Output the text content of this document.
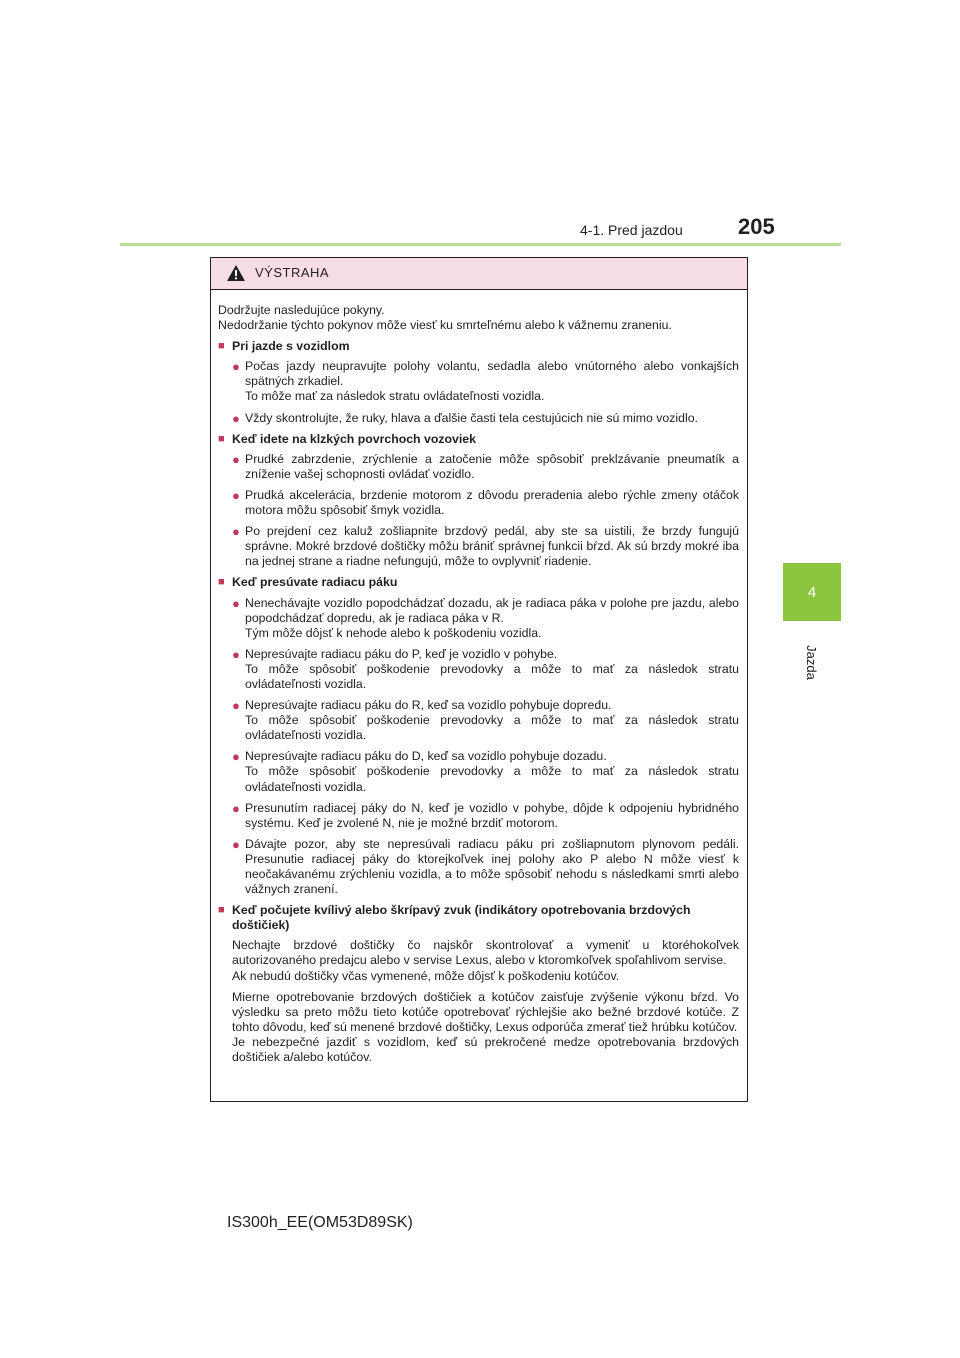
4-1. Pred jazdou	205
4
Jazda
VÝSTRAHA
Dodržujte nasledujúce pokyny.
Nedodržanie týchto pokynov môže viesť ku smrteľnému alebo k vážnemu zraneniu.
■ Pri jazde s vozidlom
● Počas jazdy neupravujte polohy volantu, sedadla alebo vnútorného alebo vonkajších spätných zrkadiel.
To môže mať za následok stratu ovládateľnosti vozidla.
● Vždy skontrolujte, že ruky, hlava a ďalšie časti tela cestujúcich nie sú mimo vozidlo.
■ Keď idete na klzkých povrchoch vozoviek
● Prudké zabrzdenie, zrýchlenie a zatočenie môže spôsobiť preklzávanie pneumatík a zníženie vašej schopnosti ovládať vozidlo.
● Prudká akcelerácia, brzdenie motorom z dôvodu preradenia alebo rýchle zmeny otáčok motora môžu spôsobiť šmyk vozidla.
● Po prejdení cez kaluž zošliapnite brzdový pedál, aby ste sa uistili, že brzdy fungujú správne. Mokré brzdové doštičky môžu brániť správnej funkcii bŕzd. Ak sú brzdy mokré iba na jednej strane a riadne nefungujú, môže to ovplyvniť riadenie.
■ Keď presúvate radiacu páku
● Nenechávajte vozidlo popodchádzať dozadu, ak je radiaca páka v polohe pre jazdu, alebo popodchádzať dopredu, ak je radiaca páka v R.
Tým môže dôjsť k nehode alebo k poškodeniu vozidla.
● Nepresúvajte radiacu páku do P, keď je vozidlo v pohybe.
To môže spôsobiť poškodenie prevodovky a môže to mať za následok stratu ovládateľnosti vozidla.
● Nepresúvajte radiacu páku do R, keď sa vozidlo pohybuje dopredu.
To môže spôsobiť poškodenie prevodovky a môže to mať za následok stratu ovládateľnosti vozidla.
● Nepresúvajte radiacu páku do D, keď sa vozidlo pohybuje dozadu.
To môže spôsobiť poškodenie prevodovky a môže to mať za následok stratu ovládateľnosti vozidla.
● Presunutím radiacej páky do N, keď je vozidlo v pohybe, dôjde k odpojeniu hybridného systému. Keď je zvolené N, nie je možné brzdiť motorom.
● Dávajte pozor, aby ste nepresúvali radiacu páku pri zošliapnutom plynovom pedáli. Presunutie radiacej páky do ktorejkoľvek inej polohy ako P alebo N môže viesť k neočakávanému zrýchleniu vozidla, a to môže spôsobiť nehodu s následkami smrti alebo vážnych zranení.
■ Keď počujete kvílivý alebo škrípavý zvuk (indikátory opotrebovania brzdových doštičiek)
Nechajte brzdové doštičky čo najskôr skontrolovať a vymeniť u ktoréhokoľvek autorizovaného predajcu alebo v servise Lexus, alebo v ktoromkoľvek spoľahlivom servise.
Ak nebudú doštičky včas vymenené, môže dôjsť k poškodeniu kotúčov.
Mierne opotrebovanie brzdových doštičiek a kotúčov zaisťuje zvýšenie výkonu bŕzd. Vo výsledku sa preto môžu tieto kotúče opotrebovať rýchlejšie ako bežné brzdové kotúče. Z tohto dôvodu, keď sú menené brzdové doštičky, Lexus odporúča zmerať tiež hrúbku kotúčov.
Je nebezpečné jazdiť s vozidlom, keď sú prekročené medze opotrebovania brzdových doštičiek a/alebo kotúčov.
IS300h_EE(OM53D89SK)
